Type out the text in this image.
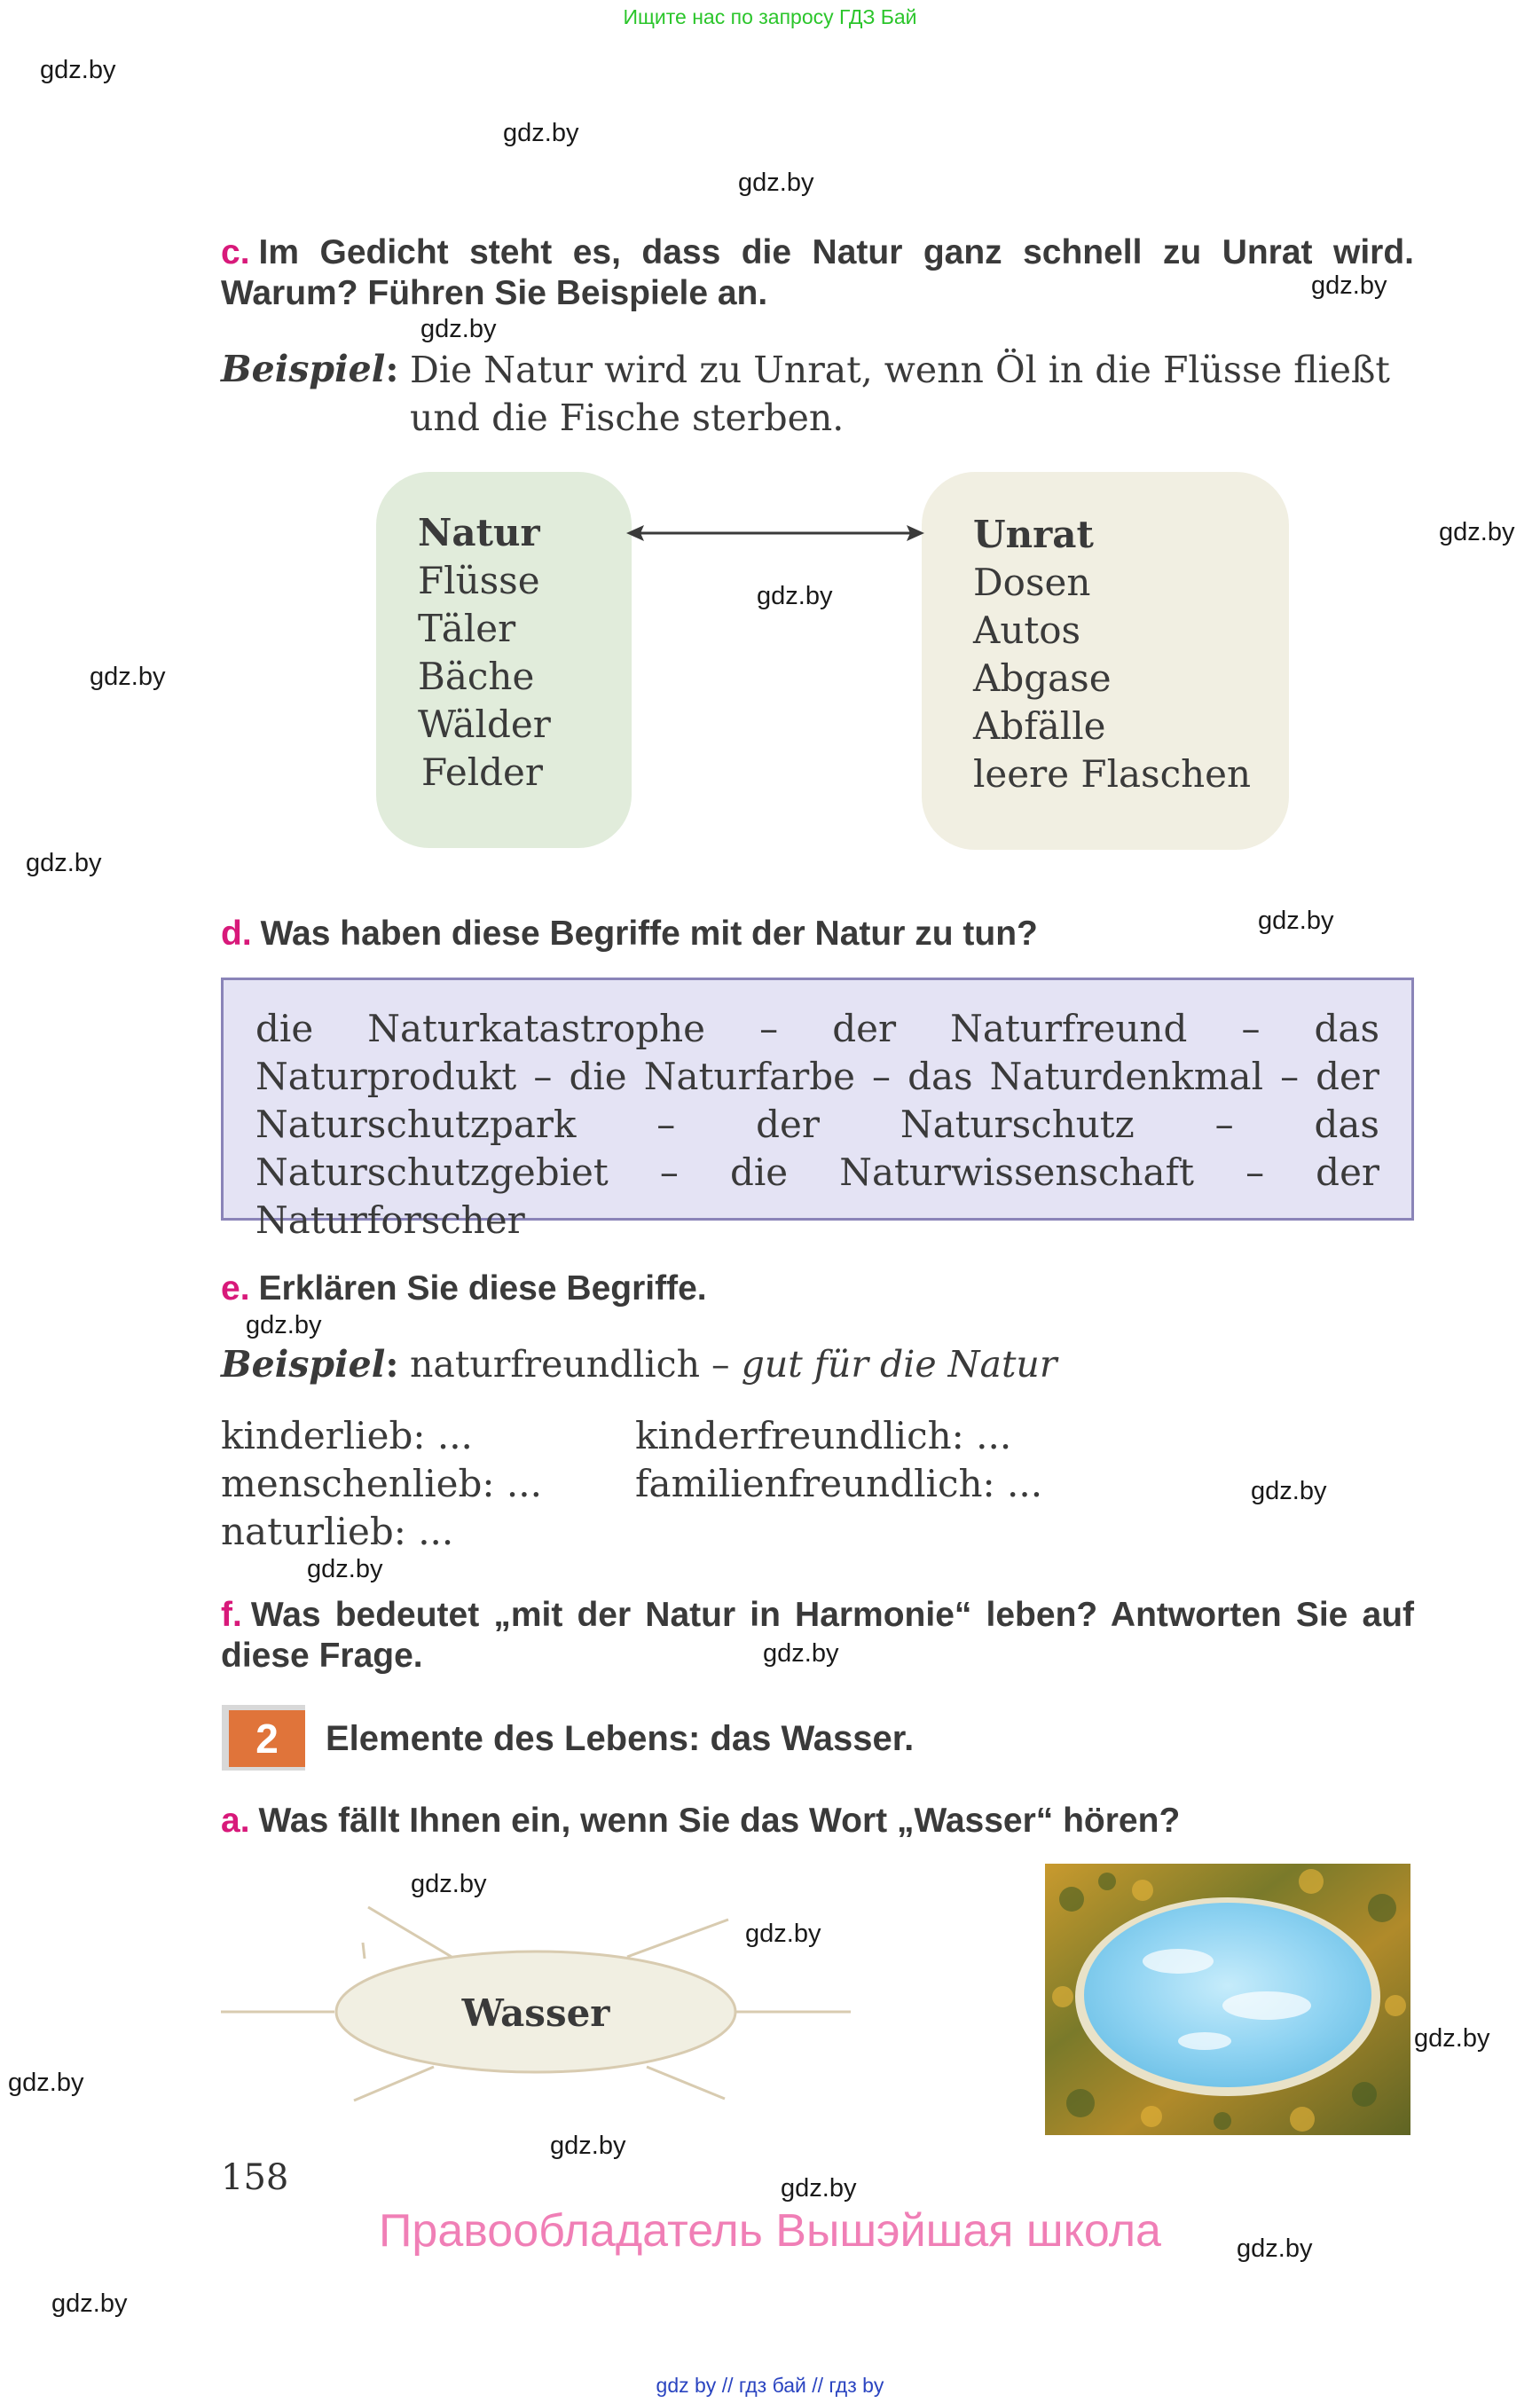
Ищите нас по запросу ГДЗ Бай
gdz.by
gdz.by
gdz.by
gdz.by
gdz.by
gdz.by
gdz.by
gdz.by
gdz.by
gdz.by
gdz.by
gdz.by
gdz.by
gdz.by
gdz.by
gdz.by
gdz.by
gdz.by
gdz.by
gdz.by
gdz.by
gdz.by
c. Im Gedicht steht es, dass die Natur ganz schnell zu Unrat wird. Warum? Führen Sie Beispiele an.
Beispiel: Die Natur wird zu Unrat, wenn Öl in die Flüsse fließt
und die Fische sterben.
Natur
Flüsse
Täler
Bäche
Wälder
Felder
Unrat
Dosen
Autos
Abgase
Abfälle
leere Flaschen
d. Was haben diese Begriffe mit der Natur zu tun?
die Naturkatastrophe – der Naturfreund – das Naturprodukt – die Naturfarbe – das Naturdenkmal – der Naturschutzpark – der Naturschutz – das Naturschutzgebiet – die Naturwissenschaft – der Naturforscher
e. Erklären Sie diese Begriffe.
Beispiel: naturfreundlich – gut für die Natur
kinderlieb: ...
menschenlieb: ...
naturlieb: ...
kinderfreundlich: ...
familienfreundlich: ...
f. Was bedeutet „mit der Natur in Harmonie“ leben? Antworten Sie auf diese Frage.
2	Elemente des Lebens: das Wasser.
a. Was fällt Ihnen ein, wenn Sie das Wort „Wasser“ hören?
Wasser
158
Правообладатель Вышэйшая школа
gdz by // гдз бай // гдз by
